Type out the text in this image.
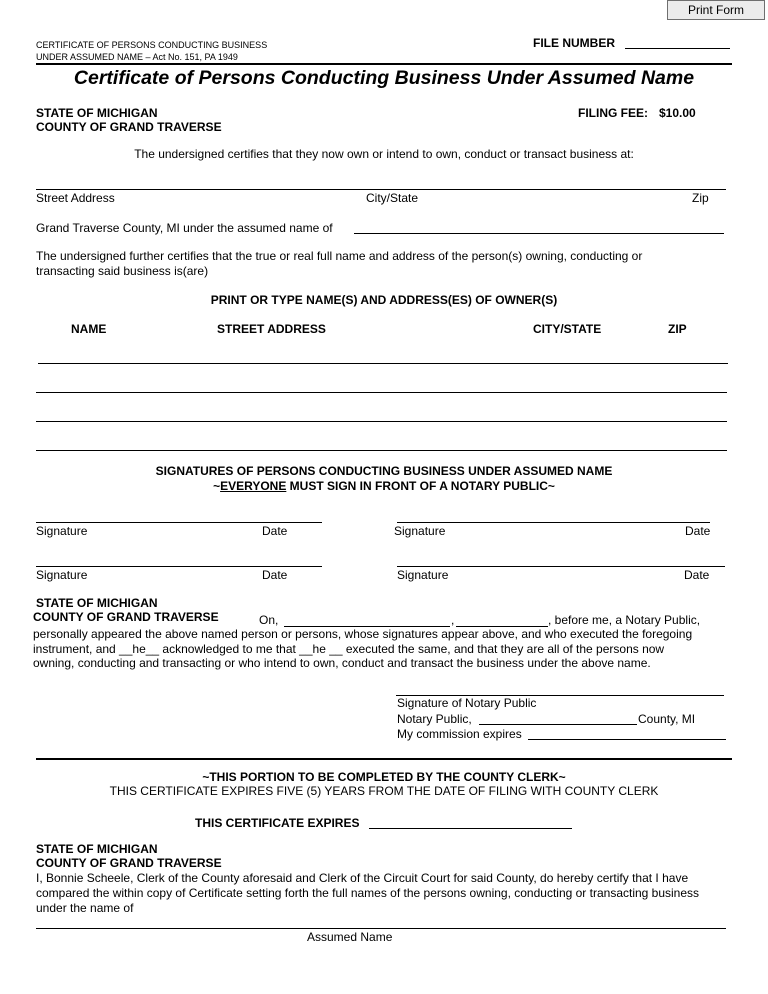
Print Form
CERTIFICATE OF PERSONS CONDUCTING BUSINESS
UNDER ASSUMED NAME – Act No. 151, PA 1949
FILE NUMBER
Certificate of Persons Conducting Business Under Assumed Name
STATE OF MICHIGAN
COUNTY OF GRAND TRAVERSE
FILING FEE: $10.00
The undersigned certifies that they now own or intend to own, conduct or transact business at:
Street Address	City/State	Zip
Grand Traverse County, MI under the assumed name of
The undersigned further certifies that the true or real full name and address of the person(s) owning, conducting or
transacting said business is(are)
PRINT OR TYPE NAME(S) AND ADDRESS(ES) OF OWNER(S)
NAME	STREET ADDRESS	CITY/STATE	ZIP
SIGNATURES OF PERSONS CONDUCTING BUSINESS UNDER ASSUMED NAME
~EVERYONE MUST SIGN IN FRONT OF A NOTARY PUBLIC~
Signature	Date	Signature	Date
Signature	Date	Signature	Date
STATE OF MICHIGAN
COUNTY OF GRAND TRAVERSE	On,	,	, before me, a Notary Public,
personally appeared the above named person or persons, whose signatures appear above, and who executed the foregoing
instrument, and __he__ acknowledged to me that __he __ executed the same, and that they are all of the persons now
owning, conducting and transacting or who intend to own, conduct and transact the business under the above name.
Signature of Notary Public
Notary Public,	County, MI
My commission expires
~THIS PORTION TO BE COMPLETED BY THE COUNTY CLERK~
THIS CERTIFICATE EXPIRES FIVE (5) YEARS FROM THE DATE OF FILING WITH COUNTY CLERK
THIS CERTIFICATE EXPIRES
STATE OF MICHIGAN
COUNTY OF GRAND TRAVERSE
I, Bonnie Scheele, Clerk of the County aforesaid and Clerk of the Circuit Court for said County, do hereby certify that I have
compared the within copy of Certificate setting forth the full names of the persons owning, conducting or transacting business
under the name of
Assumed Name
